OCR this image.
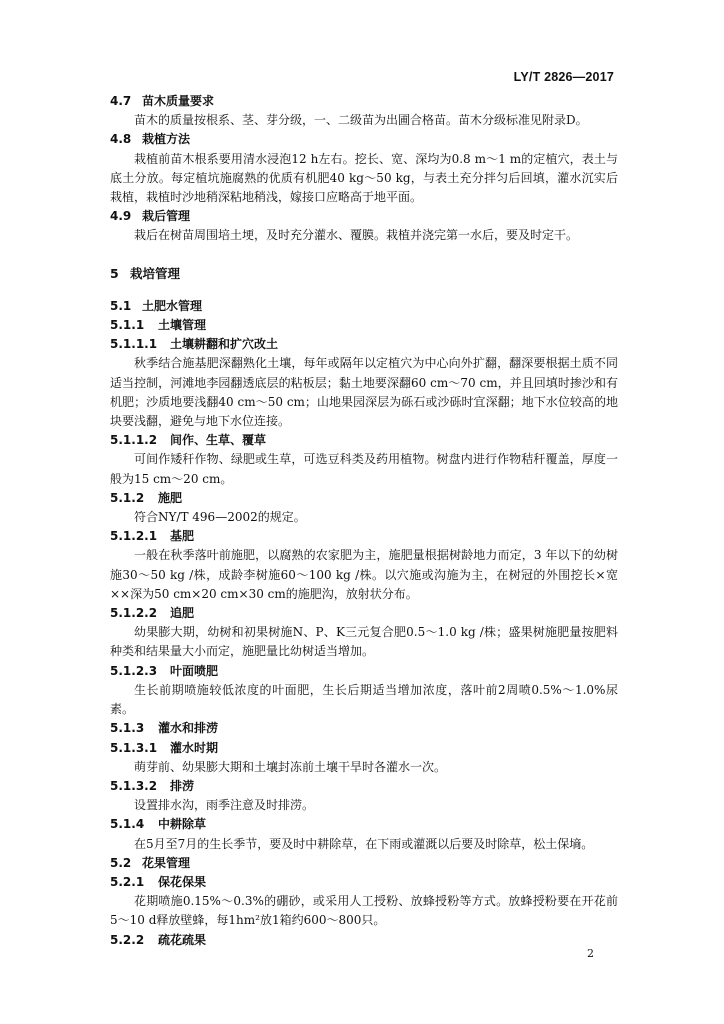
LY/T 2826—2017
4.7 苗木质量要求
苗木的质量按根系、茎、芽分级，一、二级苗为出圃合格苗。苗木分级标准见附录D。
4.8 栽植方法
栽植前苗木根系要用清水浸泡12 h左右。挖长、宽、深均为0.8 m～1 m的定植穴，表土与底土分放。每定植坑施腐熟的优质有机肥40 kg～50 kg，与表土充分拌匀后回填，灌水沉实后栽植，栽植时沙地稍深粘地稍浅，嫁接口应略高于地平面。
4.9 栽后管理
栽后在树苗周围培土埂，及时充分灌水、覆膜。栽植并浇完第一水后，要及时定干。
5 栽培管理
5.1 土肥水管理
5.1.1 土壤管理
5.1.1.1 土壤耕翻和扩穴改土
秋季结合施基肥深翻熟化土壤，每年或隔年以定植穴为中心向外扩翻，翻深要根据土质不同适当控制，河滩地李园翻透底层的粘板层；黏土地要深翻60 cm～70 cm，并且回填时掺沙和有机肥；沙质地要浅翻40 cm～50 cm；山地果园深层为砾石或沙砾时宜深翻；地下水位较高的地块要浅翻，避免与地下水位连接。
5.1.1.2 间作、生草、覆草
可间作矮秆作物、绿肥或生草，可选豆科类及药用植物。树盘内进行作物秸秆覆盖，厚度一般为15 cm～20 cm。
5.1.2 施肥
符合NY/T 496—2002的规定。
5.1.2.1 基肥
一般在秋季落叶前施肥，以腐熟的农家肥为主，施肥量根据树龄地力而定，3 年以下的幼树施30～50 kg /株，成龄李树施60～100 kg /株。以穴施或沟施为主，在树冠的外围挖长×宽××深为50 cm×20 cm×30 cm的施肥沟，放射状分布。
5.1.2.2 追肥
幼果膨大期，幼树和初果树施N、P、K三元复合肥0.5～1.0 kg /株；盛果树施肥量按肥料种类和结果量大小而定，施肥量比幼树适当增加。
5.1.2.3 叶面喷肥
生长前期喷施较低浓度的叶面肥，生长后期适当增加浓度，落叶前2周喷0.5%～1.0%尿素。
5.1.3 灌水和排涝
5.1.3.1 灌水时期
萌芽前、幼果膨大期和土壤封冻前土壤干旱时各灌水一次。
5.1.3.2 排涝
设置排水沟，雨季注意及时排涝。
5.1.4 中耕除草
在5月至7月的生长季节，要及时中耕除草，在下雨或灌溉以后要及时除草，松土保墒。
5.2 花果管理
5.2.1 保花保果
花期喷施0.15%～0.3%的硼砂，或采用人工授粉、放蜂授粉等方式。放蜂授粉要在开花前5～10 d释放壁蜂，每1hm²放1箱约600～800只。
5.2.2 疏花疏果
2
